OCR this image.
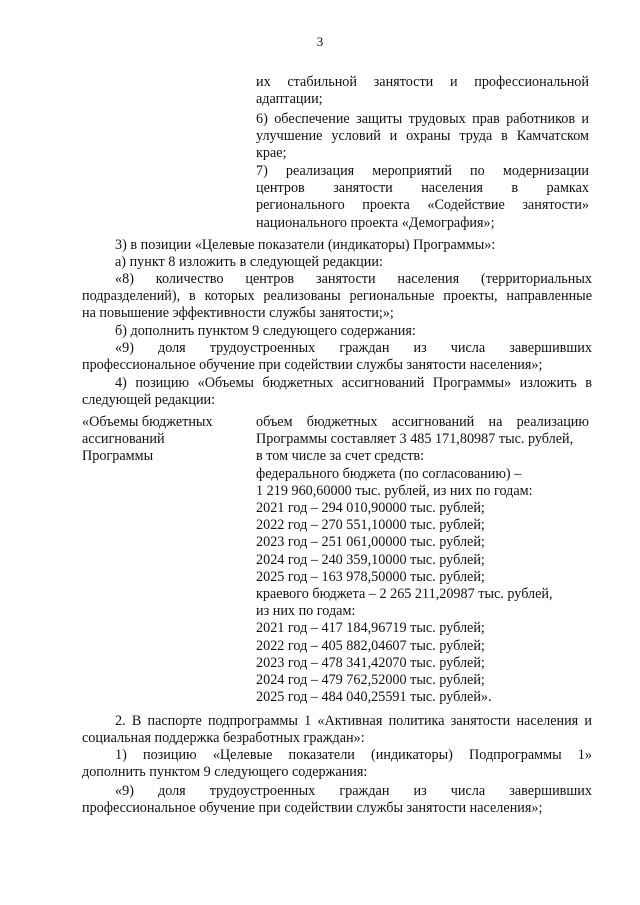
3
их стабильной занятости и профессиональной
адаптации;
6) обеспечение защиты трудовых прав работников и
улучшение условий и охраны труда в Камчатском
крае;
7) реализация мероприятий по модернизации
центров занятости населения в рамках
регионального проекта «Содействие занятости»
национального проекта «Демография»;
3) в позиции «Целевые показатели (индикаторы) Программы»:
а) пункт 8 изложить в следующей редакции:
«8) количество центров занятости населения (территориальных
подразделений), в которых реализованы региональные проекты, направленные
на повышение эффективности службы занятости;»;
б) дополнить пунктом 9 следующего содержания:
«9) доля трудоустроенных граждан из числа завершивших
профессиональное обучение при содействии службы занятости населения»;
4) позицию «Объемы бюджетных ассигнований Программы» изложить в
следующей редакции:
«Объемы бюджетных
ассигнований
Программы
объем бюджетных ассигнований на реализацию
Программы составляет 3 485 171,80987 тыс. рублей,
в том числе за счет средств:
федерального бюджета (по согласованию) –
1 219 960,60000 тыс. рублей, из них по годам:
2021 год – 294 010,90000 тыс. рублей;
2022 год – 270 551,10000 тыс. рублей;
2023 год – 251 061,00000 тыс. рублей;
2024 год – 240 359,10000 тыс. рублей;
2025 год – 163 978,50000 тыс. рублей;
краевого бюджета – 2 265 211,20987 тыс. рублей,
из них по годам:
2021 год – 417 184,96719 тыс. рублей;
2022 год – 405 882,04607 тыс. рублей;
2023 год – 478 341,42070 тыс. рублей;
2024 год – 479 762,52000 тыс. рублей;
2025 год – 484 040,25591 тыс. рублей».
2. В паспорте подпрограммы 1 «Активная политика занятости населения и
социальная поддержка безработных граждан»:
1) позицию «Целевые показатели (индикаторы) Подпрограммы 1»
дополнить пунктом 9 следующего содержания:
«9) доля трудоустроенных граждан из числа завершивших
профессиональное обучение при содействии службы занятости населения»;
